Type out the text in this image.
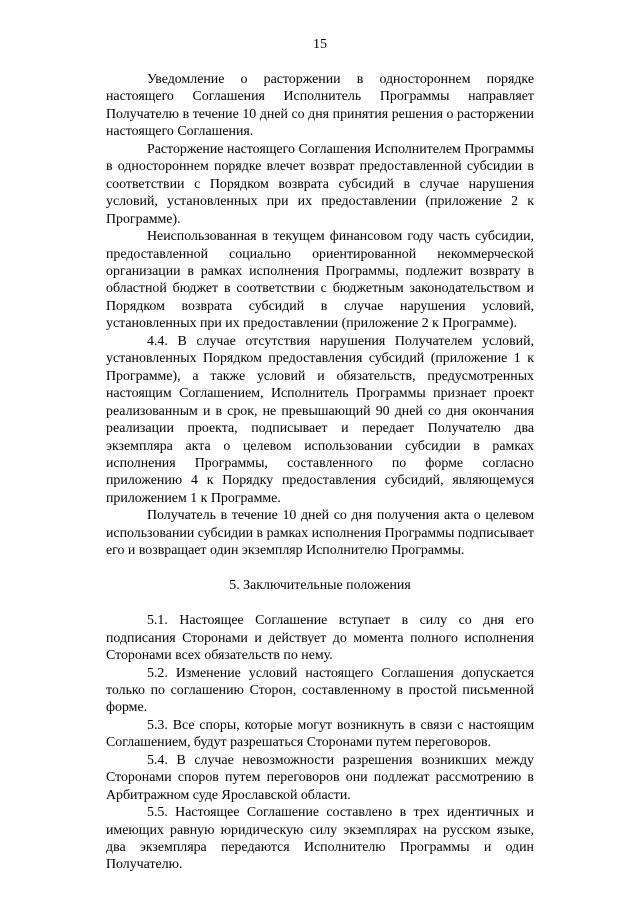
15

Уведомление о расторжении в одностороннем порядке настоящего Соглашения Исполнитель Программы направляет Получателю в течение 10 дней со дня принятия решения о расторжении настоящего Соглашения.

Расторжение настоящего Соглашения Исполнителем Программы в одностороннем порядке влечет возврат предоставленной субсидии в соответствии с Порядком возврата субсидий в случае нарушения условий, установленных при их предоставлении (приложение 2 к Программе).

Неиспользованная в текущем финансовом году часть субсидии, предоставленной социально ориентированной некоммерческой организации в рамках исполнения Программы, подлежит возврату в областной бюджет в соответствии с бюджетным законодательством и Порядком возврата субсидий в случае нарушения условий, установленных при их предоставлении (приложение 2 к Программе).

4.4. В случае отсутствия нарушения Получателем условий, установленных Порядком предоставления субсидий (приложение 1 к Программе), а также условий и обязательств, предусмотренных настоящим Соглашением, Исполнитель Программы признает проект реализованным и в срок, не превышающий 90 дней со дня окончания реализации проекта, подписывает и передает Получателю два экземпляра акта о целевом использовании субсидии в рамках исполнения Программы, составленного по форме согласно приложению 4 к Порядку предоставления субсидий, являющемуся приложением 1 к Программе.

Получатель в течение 10 дней со дня получения акта о целевом использовании субсидии в рамках исполнения Программы подписывает его и возвращает один экземпляр Исполнителю Программы.

5. Заключительные положения

5.1. Настоящее Соглашение вступает в силу со дня его подписания Сторонами и действует до момента полного исполнения Сторонами всех обязательств по нему.

5.2. Изменение условий настоящего Соглашения допускается только по соглашению Сторон, составленному в простой письменной форме.

5.3. Все споры, которые могут возникнуть в связи с настоящим Соглашением, будут разрешаться Сторонами путем переговоров.

5.4. В случае невозможности разрешения возникших между Сторонами споров путем переговоров они подлежат рассмотрению в Арбитражном суде Ярославской области.

5.5. Настоящее Соглашение составлено в трех идентичных и имеющих равную юридическую силу экземплярах на русском языке, два экземпляра передаются Исполнителю Программы и один Получателю.
